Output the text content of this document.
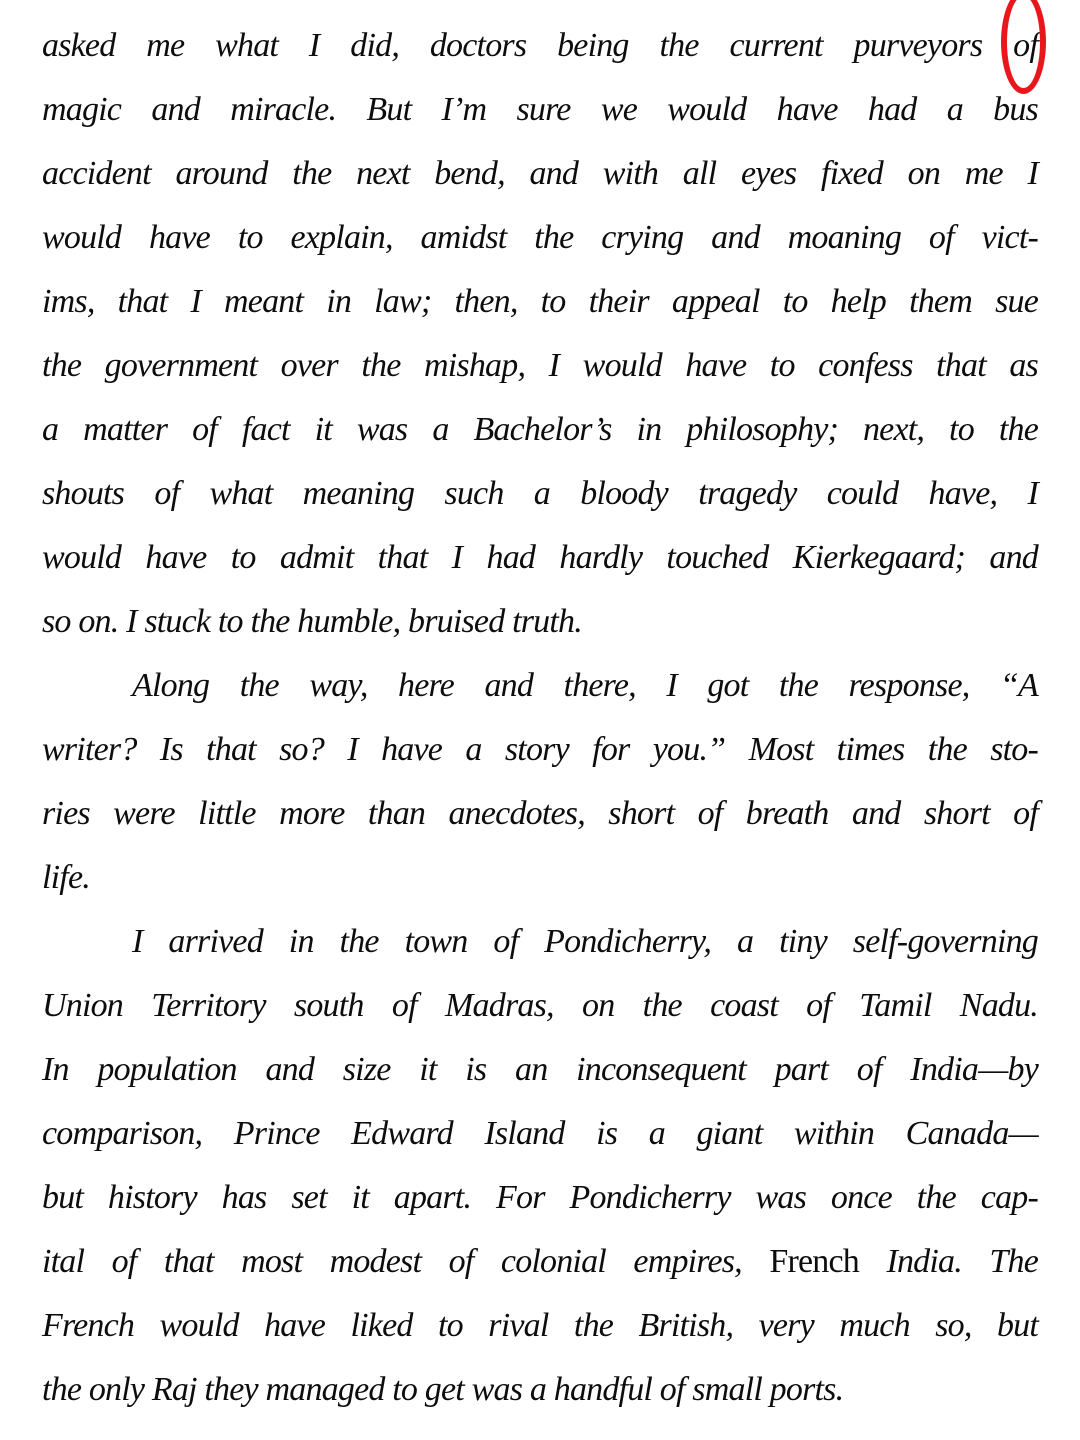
asked me what I did, doctors being the current purveyors of
magic and miracle. But I’m sure we would have had a bus
accident around the next bend, and with all eyes fixed on me I
would have to explain, amidst the crying and moaning of vict-
ims, that I meant in law; then, to their appeal to help them sue
the government over the mishap, I would have to confess that as
a matter of fact it was a Bachelor’s in philosophy; next, to the
shouts of what meaning such a bloody tragedy could have, I
would have to admit that I had hardly touched Kierkegaard; and
so on. I stuck to the humble, bruised truth.
Along the way, here and there, I got the response, “A
writer? Is that so? I have a story for you.” Most times the sto-
ries were little more than anecdotes, short of breath and short of
life.
I arrived in the town of Pondicherry, a tiny self-governing
Union Territory south of Madras, on the coast of Tamil Nadu.
In population and size it is an inconsequent part of India—by
comparison, Prince Edward Island is a giant within Canada—
but history has set it apart. For Pondicherry was once the cap-
ital of that most modest of colonial empires, French India. The
French would have liked to rival the British, very much so, but
the only Raj they managed to get was a handful of small ports.
